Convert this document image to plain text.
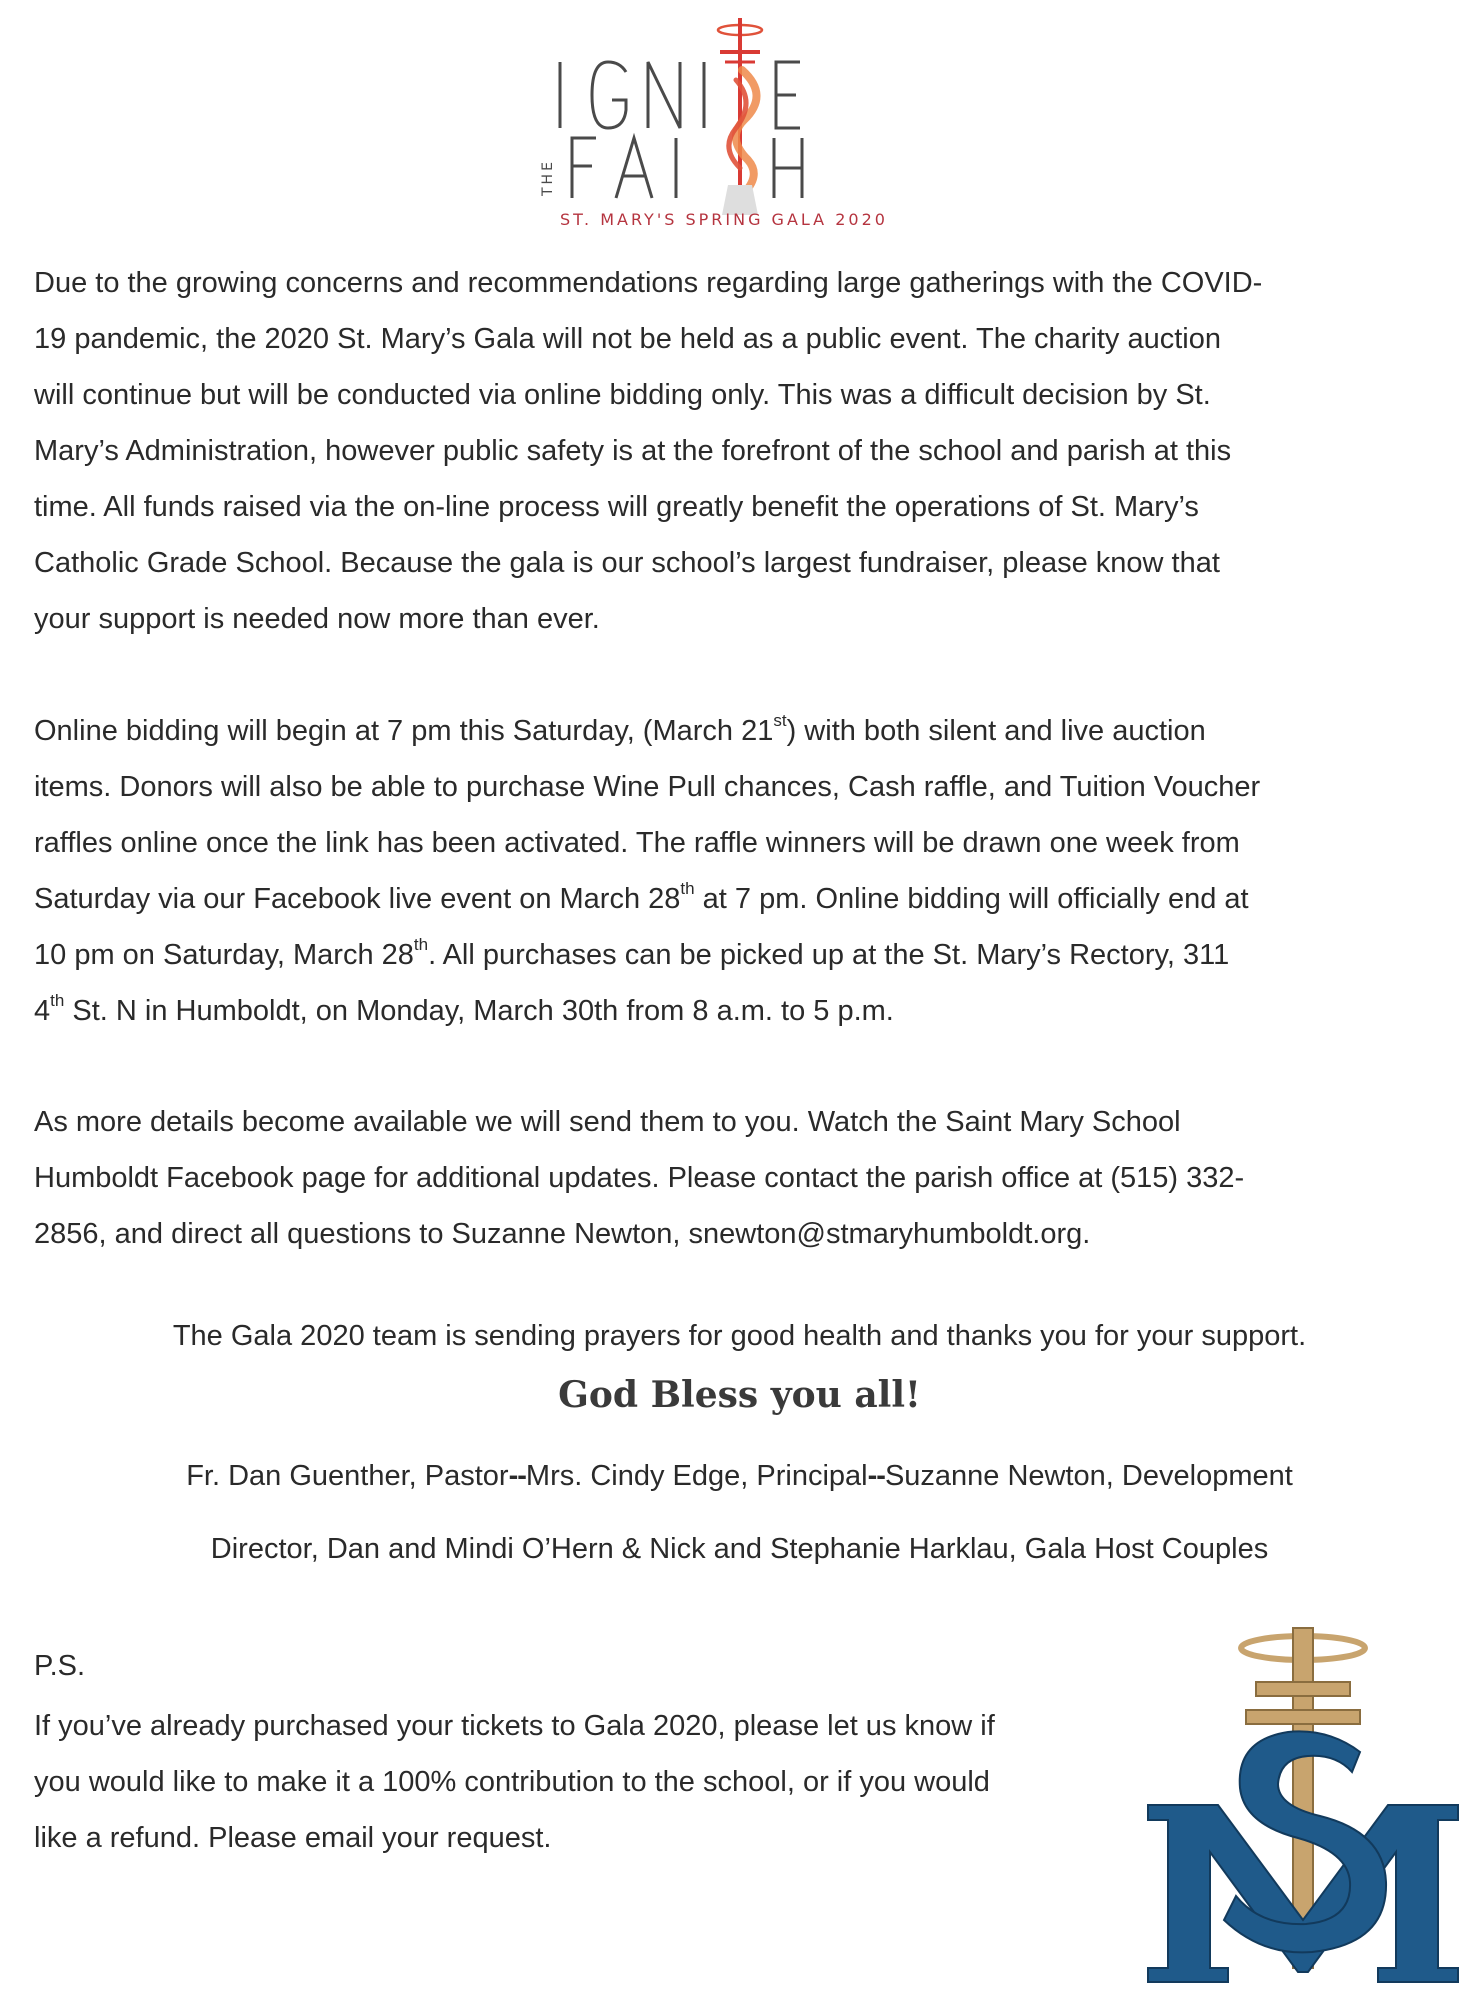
THE
ST. MARY'S SPRING GALA 2020
Due to the growing concerns and recommendations regarding large gatherings with the COVID-
19 pandemic, the 2020 St. Mary’s Gala will not be held as a public event. The charity auction
will continue but will be conducted via online bidding only. This was a difficult decision by St.
Mary’s Administration, however public safety is at the forefront of the school and parish at this
time. All funds raised via the on-line process will greatly benefit the operations of St. Mary’s
Catholic Grade School. Because the gala is our school’s largest fundraiser, please know that
your support is needed now more than ever.
Online bidding will begin at 7 pm this Saturday, (March 21st) with both silent and live auction
items. Donors will also be able to purchase Wine Pull chances, Cash raffle, and Tuition Voucher
raffles online once the link has been activated. The raffle winners will be drawn one week from
Saturday via our Facebook live event on March 28th at 7 pm. Online bidding will officially end at
10 pm on Saturday, March 28th. All purchases can be picked up at the St. Mary’s Rectory, 311
4th St. N in Humboldt, on Monday, March 30th from 8 a.m. to 5 p.m.
As more details become available we will send them to you. Watch the Saint Mary School
Humboldt Facebook page for additional updates. Please contact the parish office at (515) 332-
2856, and direct all questions to Suzanne Newton, snewton@stmaryhumboldt.org.
The Gala 2020 team is sending prayers for good health and thanks you for your support.
God Bless you all!
Fr. Dan Guenther, Pastor--Mrs. Cindy Edge, Principal--Suzanne Newton, Development
Director, Dan and Mindi O’Hern & Nick and Stephanie Harklau, Gala Host Couples
P.S.
If you’ve already purchased your tickets to Gala 2020, please let us know if
you would like to make it a 100% contribution to the school, or if you would
like a refund. Please email your request.
